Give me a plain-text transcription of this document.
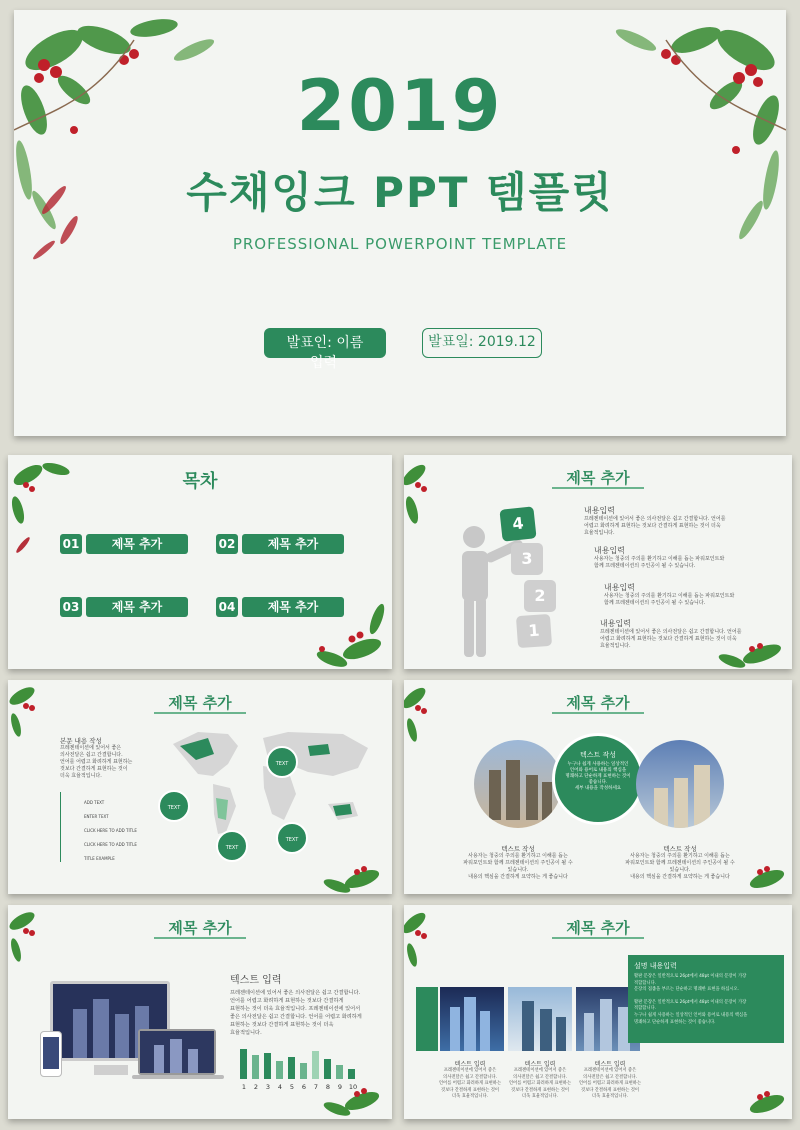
2019
수채잉크 PPT 템플릿
PROFESSIONAL POWERPOINT TEMPLATE
발표인: 이름
입력
발표일: 2019.12
목차
01	제목 추가	02	제목 추가
03	제목 추가	04	제목 추가
제목 추가
4
3
2
1
내용입력
프레젠테이션에 있어서 좋은 의사전달은 쉽고 간결합니다. 언어를
어렵고 화려하게 표현하는 것보다 간결하게 표현하는 것이 더욱
효율적입니다.
내용입력
사용자는 청중의 주의를 환기하고 이해를 돕는 파워포인트와
함께 프레젠테이션의 주인공이 될 수 있습니다.
내용입력
사용자는 청중의 주의를 환기하고 이해를 돕는 파워포인트와
함께 프레젠테이션의 주인공이 될 수 있습니다.
내용입력
프레젠테이션에 있어서 좋은 의사전달은 쉽고 간결합니다. 언어를
어렵고 화려하게 표현하는 것보다 간결하게 표현하는 것이 더욱
효율적입니다.
제목 추가
본문 내용 작성
프레젠테이션에 있어서 좋은
의사전달은 쉽고 간결합니다.
언어를 어렵고 화려하게 표현하는
것보다 간결하게 표현하는 것이
더욱 효율적입니다.
ADD TEXT
ENTER TEXT
CLICK HERE TO ADD TITLE
CLICK HERE TO ADD TITLE
TITLE EXAMPLE
TEXT
TEXT
TEXT
TEXT
제목 추가
텍스트 작성
누구나 쉽게 사용하는 일상적인
언어와 용어로 내용의 핵심을
명쾌하고 단순하게 표현하는 것이
좋습니다.
세부 내용을 작성하세요
텍스트 작성
사용자는 청중의 주의를 환기하고 이해를 돕는
파워포인트와 함께 프레젠테이션의 주인공이 될 수
있습니다.
내용의 핵심을 간결하게 요약하는 게 좋습니다
텍스트 작성
사용자는 청중의 주의를 환기하고 이해를 돕는
파워포인트와 함께 프레젠테이션의 주인공이 될 수
있습니다.
내용의 핵심을 간결하게 요약하는 게 좋습니다
제목 추가
텍스트 입력
프레젠테이션에 있어서 좋은 의사전달은 쉽고 간결합니다.
언어를 어렵고 화려하게 표현하는 것보다 간결하게
표현하는 것이 더욱 효율적입니다. 프레젠테이션에 있어서
좋은 의사전달은 쉽고 간결합니다. 언어를 어렵고 화려하게
표현하는 것보다 간결하게 표현하는 것이 더욱
효율적입니다.
1	2	3	4	5	6	7	8	9	10
제목 추가
설명 내용입력
활판 문장은 일반적으로 26pt에서 48pt 이내의 문장이 가장
적합합니다.
문장의 접좁을 부르는 단순하고 명쾌한 표현을 하십시오.
활판 문장은 일반적으로 26pt에서 48pt 이내의 문장이 가장
적합합니다.
누구나 쉽게 사용하는 일상적인 언어와 용어로 내용의 핵심을
명쾌하고 단순하게 표현하는 것이 좋습니다.
텍스트 입력
프레젠테이션에 있어서 좋은
의사전달은 쉽고 간결합니다.
언어를 어렵고 화려하게 표현하는
것보다 간결하게 표현하는 것이
더욱 효율적입니다.
텍스트 입력
프레젠테이션에 있어서 좋은
의사전달은 쉽고 간결합니다.
언어를 어렵고 화려하게 표현하는
것보다 간결하게 표현하는 것이
더욱 효율적입니다.
텍스트 입력
프레젠테이션에 있어서 좋은
의사전달은 쉽고 간결합니다.
언어를 어렵고 화려하게 표현하는
것보다 간결하게 표현하는 것이
더욱 효율적입니다.
